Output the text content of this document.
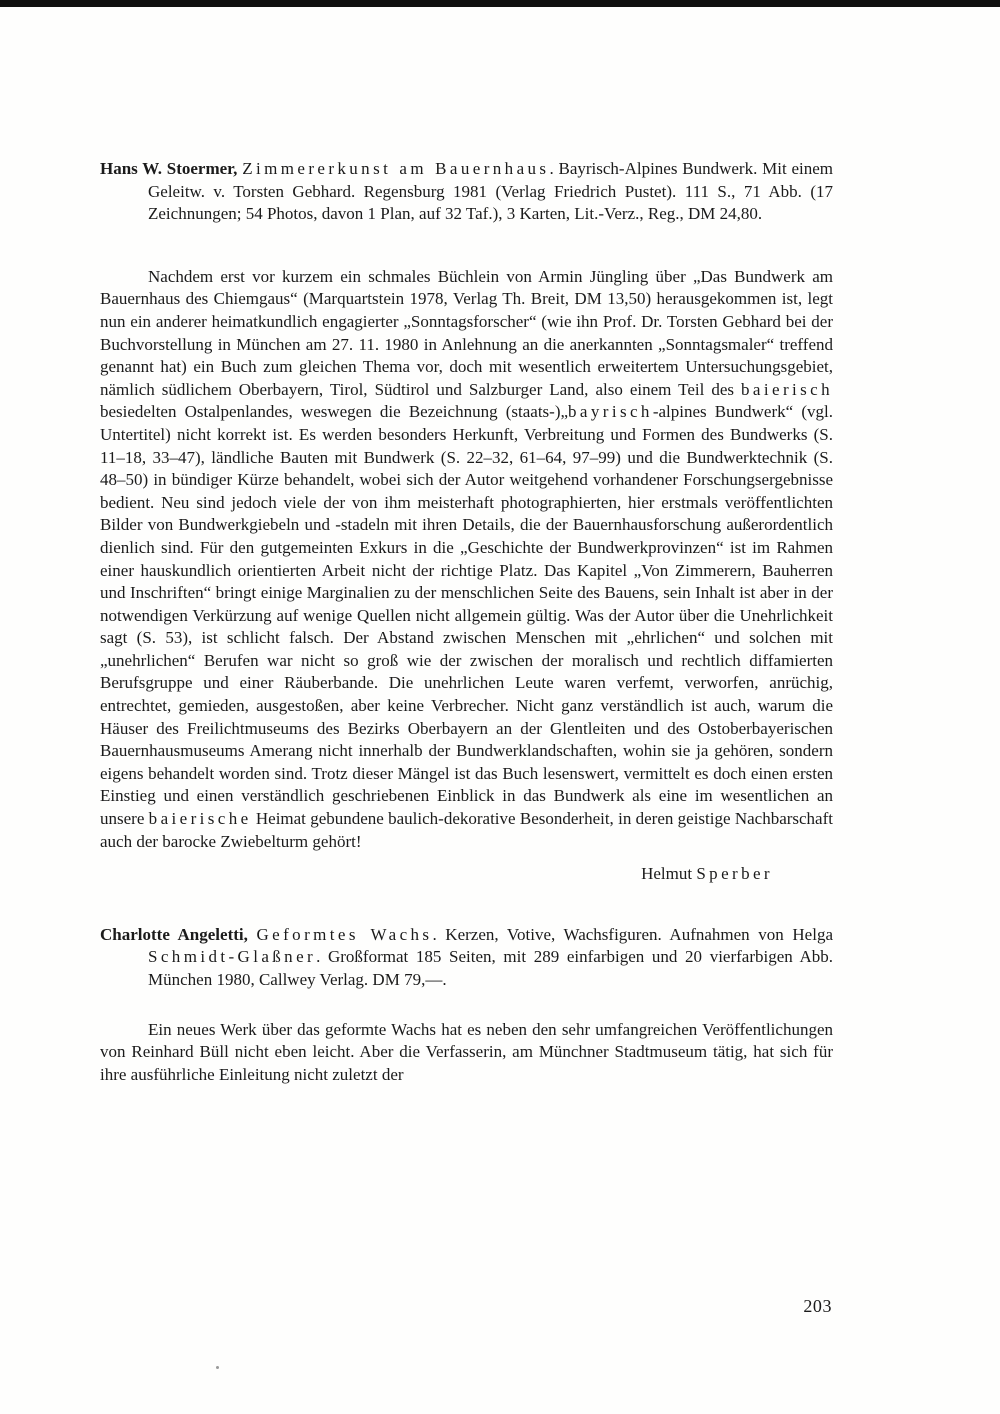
Hans W. Stoermer, Zimmererkunst am Bauernhaus. Bayrisch-Alpines Bundwerk. Mit einem Geleitw. v. Torsten Gebhard. Regensburg 1981 (Verlag Friedrich Pustet). 111 S., 71 Abb. (17 Zeichnungen; 54 Photos, davon 1 Plan, auf 32 Taf.), 3 Karten, Lit.-Verz., Reg., DM 24,80.

Nachdem erst vor kurzem ein schmales Büchlein von Armin Jüngling über „Das Bundwerk am Bauernhaus des Chiemgaus“ (Marquartstein 1978, Verlag Th. Breit, DM 13,50) herausgekommen ist, legt nun ein anderer heimatkundlich engagierter „Sonntagsforscher“ (wie ihn Prof. Dr. Torsten Gebhard bei der Buchvorstellung in München am 27. 11. 1980 in Anlehnung an die anerkannten „Sonntagsmaler“ treffend genannt hat) ein Buch zum gleichen Thema vor, doch mit wesentlich erweitertem Untersuchungsgebiet, nämlich südlichem Oberbayern, Tirol, Südtirol und Salzburger Land, also einem Teil des baierisch besiedelten Ostalpenlandes, weswegen die Bezeichnung (staats-)„bayrisch-alpines Bundwerk“ (vgl. Untertitel) nicht korrekt ist. Es werden besonders Herkunft, Verbreitung und Formen des Bundwerks (S. 11–18, 33–47), ländliche Bauten mit Bundwerk (S. 22–32, 61–64, 97–99) und die Bundwerktechnik (S. 48–50) in bündiger Kürze behandelt, wobei sich der Autor weitgehend vorhandener Forschungsergebnisse bedient. Neu sind jedoch viele der von ihm meisterhaft photographierten, hier erstmals veröffentlichten Bilder von Bundwerkgiebeln und -stadeln mit ihren Details, die der Bauernhausforschung außerordentlich dienlich sind. Für den gutgemeinten Exkurs in die „Geschichte der Bundwerkprovinzen“ ist im Rahmen einer hauskundlich orientierten Arbeit nicht der richtige Platz. Das Kapitel „Von Zimmerern, Bauherren und Inschriften“ bringt einige Marginalien zu der menschlichen Seite des Bauens, sein Inhalt ist aber in der notwendigen Verkürzung auf wenige Quellen nicht allgemein gültig. Was der Autor über die Unehrlichkeit sagt (S. 53), ist schlicht falsch. Der Abstand zwischen Menschen mit „ehrlichen“ und solchen mit „unehrlichen“ Berufen war nicht so groß wie der zwischen der moralisch und rechtlich diffamierten Berufsgruppe und einer Räuberbande. Die unehrlichen Leute waren verfemt, verworfen, anrüchig, entrechtet, gemieden, ausgestoßen, aber keine Verbrecher. Nicht ganz verständlich ist auch, warum die Häuser des Freilichtmuseums des Bezirks Oberbayern an der Glentleiten und des Ostoberbayerischen Bauernhausmuseums Amerang nicht innerhalb der Bundwerklandschaften, wohin sie ja gehören, sondern eigens behandelt worden sind. Trotz dieser Mängel ist das Buch lesenswert, vermittelt es doch einen ersten Einstieg und einen verständlich geschriebenen Einblick in das Bundwerk als eine im wesentlichen an unsere baierische Heimat gebundene baulich-dekorative Besonderheit, in deren geistige Nachbarschaft auch der barocke Zwiebelturm gehört!

Helmut Sperber

Charlotte Angeletti, Geformtes Wachs. Kerzen, Votive, Wachsfiguren. Aufnahmen von Helga Schmidt-Glaßner. Großformat 185 Seiten, mit 289 einfarbigen und 20 vierfarbigen Abb. München 1980, Callwey Verlag. DM 79,—.

Ein neues Werk über das geformte Wachs hat es neben den sehr umfangreichen Veröffentlichungen von Reinhard Büll nicht eben leicht. Aber die Verfasserin, am Münchner Stadtmuseum tätig, hat sich für ihre ausführliche Einleitung nicht zuletzt der

203
